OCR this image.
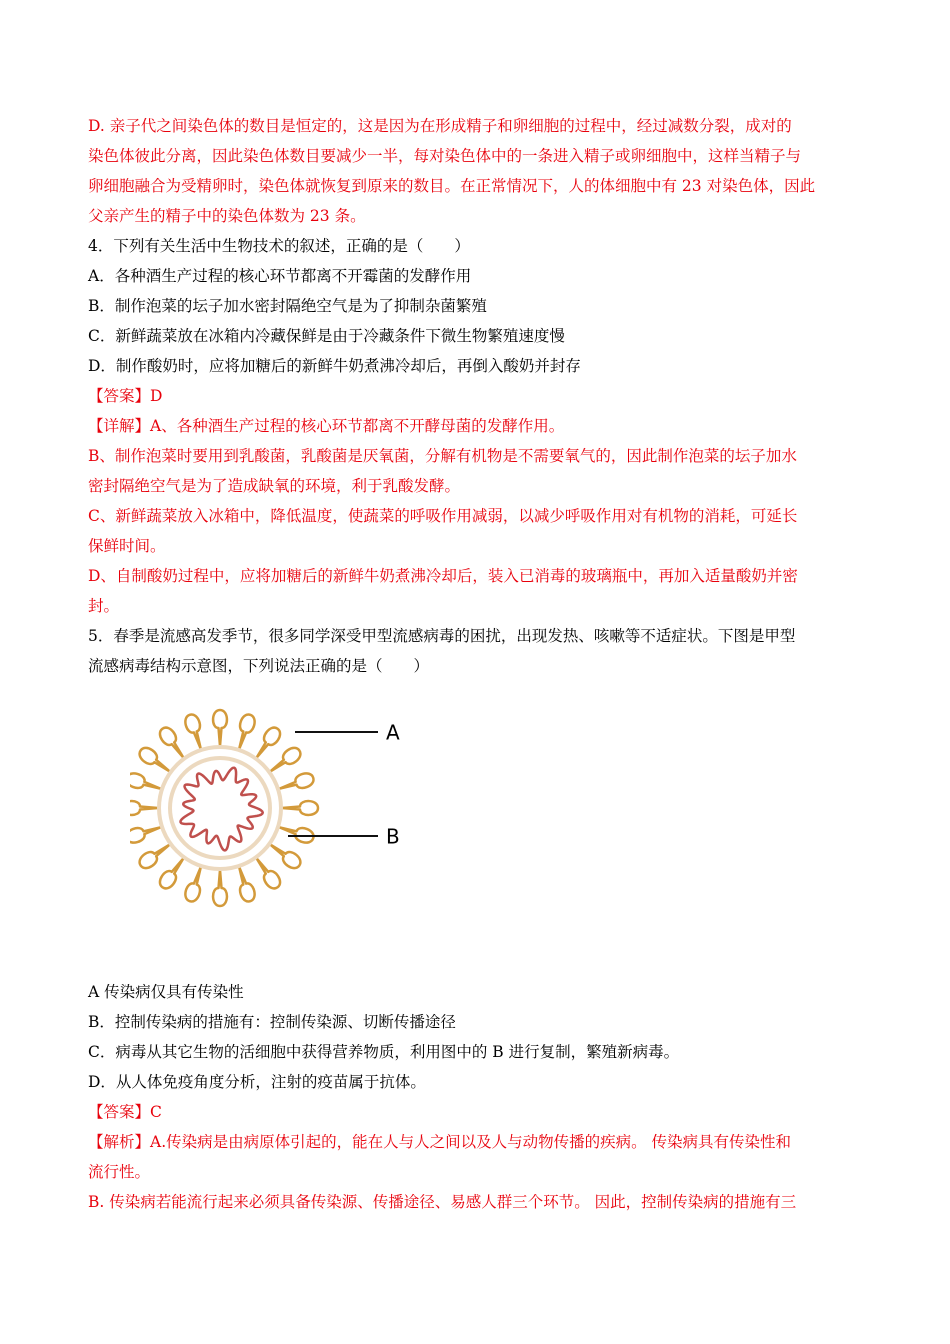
D. 亲子代之间染色体的数目是恒定的，这是因为在形成精子和卵细胞的过程中，经过减数分裂，成对的
染色体彼此分离，因此染色体数目要减少一半，每对染色体中的一条进入精子或卵细胞中，这样当精子与
卵细胞融合为受精卵时，染色体就恢复到原来的数目。在正常情况下，人的体细胞中有 23 对染色体，因此
父亲产生的精子中的染色体数为 23 条。
4．下列有关生活中生物技术的叙述，正确的是（　　）
A．各种酒生产过程的核心环节都离不开霉菌的发酵作用
B．制作泡菜的坛子加水密封隔绝空气是为了抑制杂菌繁殖
C．新鲜蔬菜放在冰箱内冷藏保鲜是由于冷藏条件下微生物繁殖速度慢
D．制作酸奶时，应将加糖后的新鲜牛奶煮沸冷却后，再倒入酸奶并封存
【答案】D
【详解】A、各种酒生产过程的核心环节都离不开酵母菌的发酵作用。
B、制作泡菜时要用到乳酸菌，乳酸菌是厌氧菌，分解有机物是不需要氧气的，因此制作泡菜的坛子加水
密封隔绝空气是为了造成缺氧的环境，利于乳酸发酵。
C、新鲜蔬菜放入冰箱中，降低温度，使蔬菜的呼吸作用减弱，以减少呼吸作用对有机物的消耗，可延长
保鲜时间。
D、自制酸奶过程中，应将加糖后的新鲜牛奶煮沸冷却后，装入已消毒的玻璃瓶中，再加入适量酸奶并密
封。
5．春季是流感高发季节，很多同学深受甲型流感病毒的困扰，出现发热、咳嗽等不适症状。下图是甲型
流感病毒结构示意图，下列说法正确的是（　　）
A 传染病仅具有传染性
B．控制传染病的措施有：控制传染源、切断传播途径
C．病毒从其它生物的活细胞中获得营养物质，利用图中的 B 进行复制，繁殖新病毒。
D．从人体免疫角度分析，注射的疫苗属于抗体。
【答案】C
【解析】A.传染病是由病原体引起的，能在人与人之间以及人与动物传播的疾病。 传染病具有传染性和
流行性。
B. 传染病若能流行起来必须具备传染源、传播途径、易感人群三个环节。 因此，控制传染病的措施有三
A
B
